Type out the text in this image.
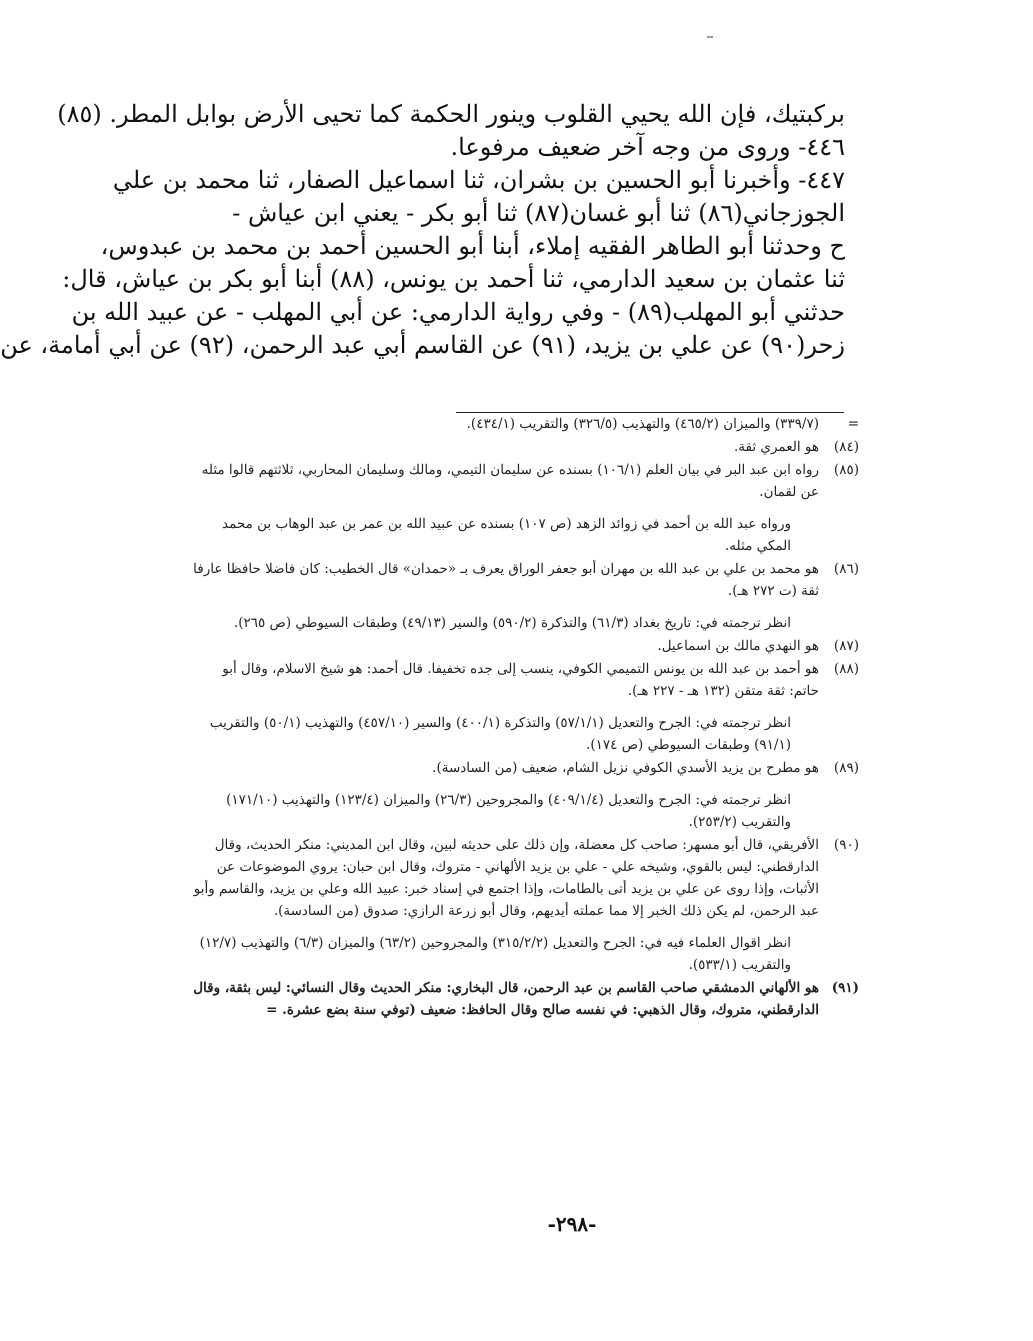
بركبتيك، فإن الله يحيي القلوب وينور الحكمة كما تحيى الأرض بوابل المطر. (٨٥)
٤٤٦- وروى من وجه آخر ضعيف مرفوعا.
٤٤٧- وأخبرنا أبو الحسين بن بشران، ثنا اسماعيل الصفار، ثنا محمد بن علي
الجوزجاني(٨٦) ثنا أبو غسان(٨٧) ثنا أبو بكر - يعني ابن عياش -
ح وحدثنا أبو الطاهر الفقيه إملاء، أبنا أبو الحسين أحمد بن محمد بن عبدوس،
ثنا عثمان بن سعيد الدارمي، ثنا أحمد بن يونس، (٨٨) أبنا أبو بكر بن عياش، قال:
حدثني أبو المهلب(٨٩) - وفي رواية الدارمي: عن أبي المهلب - عن عبيد الله بن
زحر(٩٠) عن علي بن يزيد، (٩١) عن القاسم أبي عبد الرحمن، (٩٢) عن أبي أمامة، عن
=
(٣٣٩/٧) والميزان (٤٦٥/٢) والتهذيب (٣٢٦/٥) والتقريب (٤٣٤/١).
(٨٤)
هو العمري ثقة.
(٨٥)
رواه ابن عبد البر في بيان العلم (١٠٦/١) بسنده عن سليمان التيمي، ومالك وسليمان المحاربي، ثلاثتهم قالوا مثله عن لقمان.
ورواه عبد الله بن أحمد في زوائد الزهد (ص ١٠٧) بسنده عن عبيد الله بن عمر بن عبد الوهاب بن محمد المكي مثله.
(٨٦)
هو محمد بن علي بن عبد الله بن مهران أبو جعفر الوراق يعرف بـ «حمدان» قال الخطيب: كان فاضلا حافظا عارفا ثقة (ت ٢٧٢ هـ).
انظر ترجمته في: تاريخ بغداد (٦١/٣) والتذكرة (٥٩٠/٢) والسير (٤٩/١٣) وطبقات السيوطي (ص ٢٦٥).
(٨٧)
هو النهدي مالك بن اسماعيل.
(٨٨)
هو أحمد بن عبد الله بن يونس التميمي الكوفي، ينسب إلى جده تخفيفا. قال أحمد: هو شيخ الاسلام، وقال أبو حاتم: ثقة متقن (١٣٢ هـ - ٢٢٧ هـ).
انظر ترجمته في: الجرح والتعديل (٥٧/١/١) والتذكرة (٤٠٠/١) والسير (٤٥٧/١٠) والتهذيب (٥٠/١) والتقريب (٩١/١) وطبقات السيوطي (ص ١٧٤).
(٨٩)
هو مطرح بن يزيد الأسدي الكوفي نزيل الشام، ضعيف (من السادسة).
انظر ترجمته في: الجرح والتعديل (٤٠٩/١/٤) والمجروحين (٢٦/٣) والميزان (١٢٣/٤) والتهذيب (١٧١/١٠) والتقريب (٢٥٣/٢).
(٩٠)
الأفريقي، قال أبو مسهر: صاحب كل معضلة، وإن ذلك على حديثه لبين، وقال ابن المديني: منكر الحديث، وقال الدارقطني: ليس بالقوي، وشيخه علي - علي بن يزيد الألهاني - متروك، وقال ابن حبان: يروي الموضوعات عن الأثبات، وإذا روى عن علي بن يزيد أتى بالطامات، وإذا اجتمع في إسناد خبر: عبيد الله وعلي بن يزيد، والقاسم وأبو عبد الرحمن، لم يكن ذلك الخبر إلا مما عملته أيديهم، وقال أبو زرعة الرازي: صدوق (من السادسة).
انظر اقوال العلماء فيه في: الجرح والتعديل (٣١٥/٢/٢) والمجروحين (٦٣/٢) والميزان (٦/٣) والتهذيب (١٢/٧) والتقريب (٥٣٣/١).
(٩١)
هو الألهاني الدمشقي صاحب القاسم بن عبد الرحمن، قال البخاري: منكر الحديث وقال النسائي: ليس بثقة، وقال الدارقطني، متروك، وقال الذهبي: في نفسه صالح وقال الحافظ: ضعيف (توفي سنة بضع عشرة. =
-٢٩٨-
